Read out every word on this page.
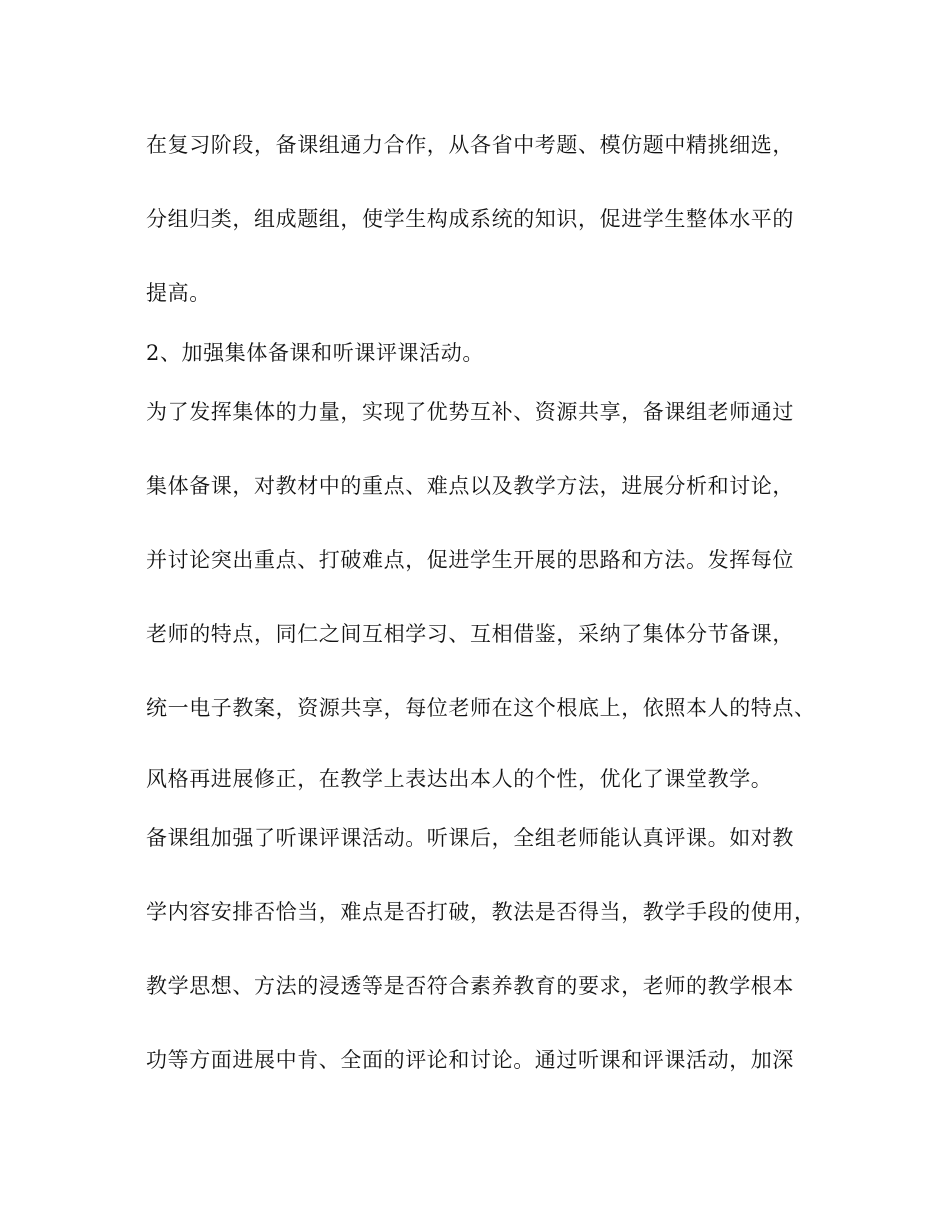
在复习阶段，备课组通力合作，从各省中考题、模仿题中精挑细选，
分组归类，组成题组，使学生构成系统的知识，促进学生整体水平的
提高。
2、加强集体备课和听课评课活动。
为了发挥集体的力量，实现了优势互补、资源共享，备课组老师通过
集体备课，对教材中的重点、难点以及教学方法，进展分析和讨论，
并讨论突出重点、打破难点，促进学生开展的思路和方法。发挥每位
老师的特点，同仁之间互相学习、互相借鉴，采纳了集体分节备课，
统一电子教案，资源共享，每位老师在这个根底上，依照本人的特点、
风格再进展修正，在教学上表达出本人的个性，优化了课堂教学。
备课组加强了听课评课活动。听课后，全组老师能认真评课。如对教
学内容安排否恰当，难点是否打破，教法是否得当，教学手段的使用，
教学思想、方法的浸透等是否符合素养教育的要求，老师的教学根本
功等方面进展中肯、全面的评论和讨论。通过听课和评课活动，加深
